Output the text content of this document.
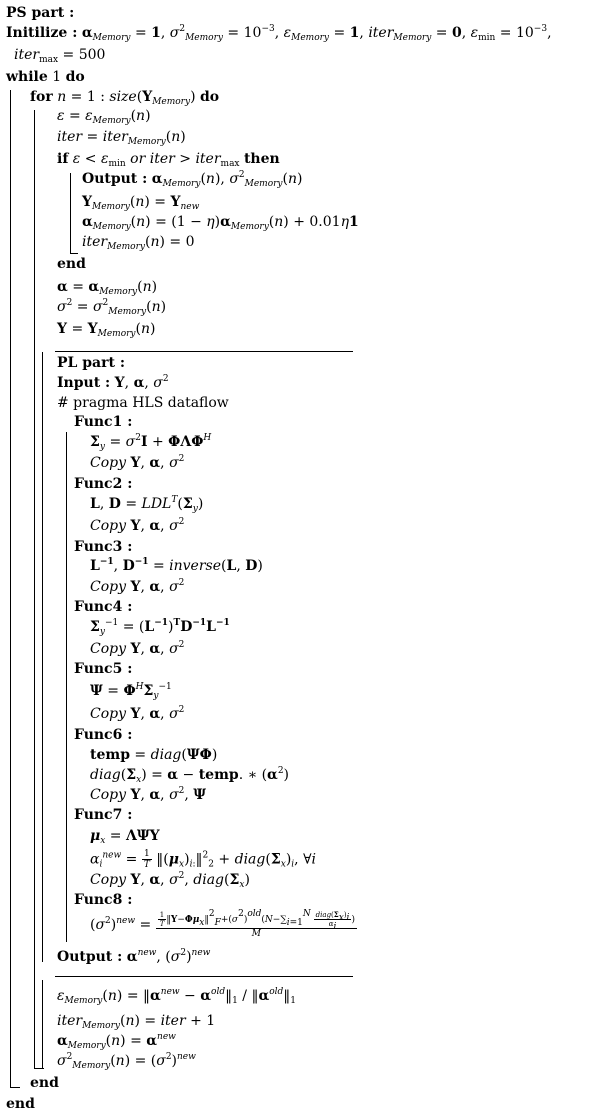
PS part :
Initilize : $\alpha_{Memory} = 1$, $\sigma^2_{Memory} = 10^{-3}$, $\varepsilon_{Memory} = 1$, iter$_{Memory}$ = 0, $\varepsilon_{min} = 10^{-3}$,
iter$_{max}$ = 500
while 1 do
for n = 1 : $size(Y_{Memory})$ do
$\varepsilon = \varepsilon_{Memory}(n)$
iter = iter$_{Memory}$(n)
if $\varepsilon < \varepsilon_{min}$ or iter > iter$_{max}$ then
Output : $\alpha_{Memory}(n)$, $\sigma^2_{Memory}(n)$
$Y_{Memory}(n) = Y_{new}$
$\alpha_{Memory}(n) = (1 - \eta)\alpha_{Memory}(n) + 0.01\eta 1$
iter$_{Memory}$(n) = 0
end
$\alpha = \alpha_{Memory}(n)$
$\sigma^2 = \sigma^2_{Memory}(n)$
$Y = Y_{Memory}(n)$
PL part :
Input : Y, α, $\sigma^2$
# pragma HLS dataflow
Func1 :
$\Sigma_y = \sigma^2I + \Phi\Lambda\Phi^H$
Copy Y, α, $\sigma^2$
Func2 :
L, $D = LDL^T(\Sigma_y)$
Copy Y, α, $\sigma^2$
Func3 :
$L^{-1}$, $D^{-1}$ = inverse(L, D)
Copy Y, α, $\sigma^2$
Func4 :
$\Sigma_y^{-1} = (L^{-1})^TD^{-1}L^{-1}$
Copy Y, α, $\sigma^2$
Func5 :
$\Psi = \Phi^H\Sigma_y^{-1}$
Copy Y, α, $\sigma^2$
Func6 :
temp = diag(ΨΦ)
$diag(\Sigma_x) = \alpha$ − temp. ∗ $(\alpha^2)$
Copy Y, α, $\sigma^2$, Ψ
Func7 :
$\mu_x = \Lambda\Psi Y$
$\alpha_i^{new} = \frac{1}{T}$ $‖(\mu_x)_{i:}‖^2_2$ + $diag(\Sigma_x)_i$, ∀i
Copy Y, α, $\sigma^2$, $diag(\Sigma_x)$
Func8 :
$(\sigma^2)^{new} = \frac{\frac{1}{T} ‖Y-\Phi\mu_x‖^2_F+(\sigma^2)^{old}(N-\sum_{i=1}^N \frac{diag(\Sigma_x)_i}{\alpha_i} )}{M}$
Output : $\alpha^{new}$, $(\sigma^2)^{new}$
$\varepsilon_{Memory}(n)$ = $‖\alpha^{new}$ − $\alpha^{old}‖_1$ / $‖\alpha^{old}‖_1$
iter$_{Memory}$(n) = iter + 1
$\alpha_{Memory}(n) = \alpha^{new}$
$\sigma^2_{Memory}(n) = (\sigma^2)^{new}$
end
end
